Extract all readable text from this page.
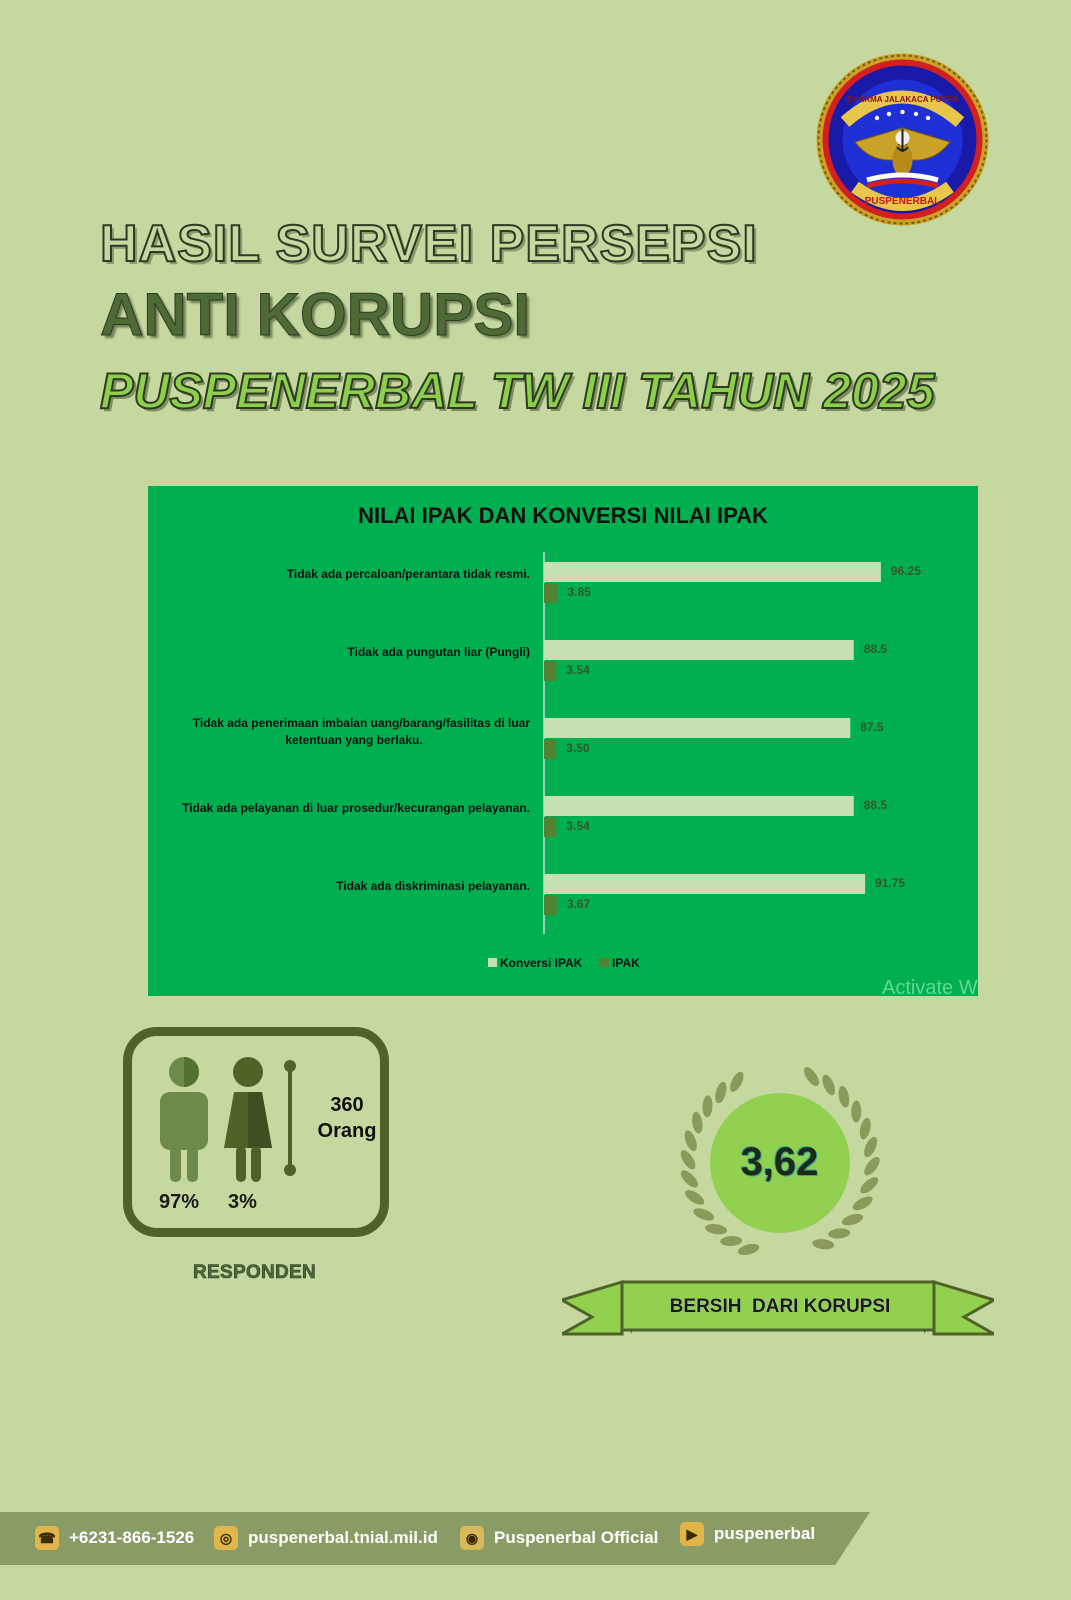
DHARMA JALAKACA PUTRA
PUSPENERBAL
HASIL SURVEI PERSEPSI
ANTI KORUPSI
PUSPENERBAL TW III TAHUN 2025
NILAI IPAK DAN KONVERSI NILAI IPAK
Tidak ada percaloan/perantara tidak resmi.	96.25
3.85
Tidak ada pungutan liar (Pungli)	88.5
3.54
Tidak ada penerimaan imbalan uang/barang/fasilitas di luar
ketentuan yang berlaku.
87.5
3.50
Tidak ada pelayanan di luar prosedur/kecurangan pelayanan.	88.5
3.54
Tidak ada diskriminasi pelayanan.	91.75
3.67
Konversi IPAK IPAK
Activate W
360
Orang
97% 3%
RESPONDEN
3,62
BERSIH  DARI KORUPSI
☎ +6231-866-1526	◎ puspenerbal.tnial.mil.id	◉ Puspenerbal Official	▶ puspenerbal
